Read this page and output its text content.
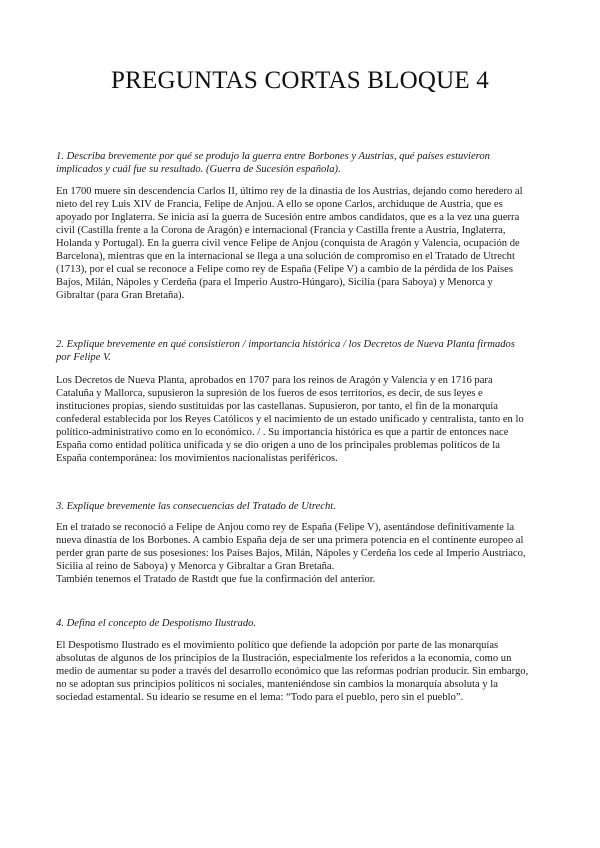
PREGUNTAS CORTAS BLOQUE 4

1. Describa brevemente por qué se produjo la guerra entre Borbones y Austrias, qué países estuvieron implicados y cuál fue su resultado. (Guerra de Sucesión española).

En 1700 muere sin descendencia Carlos II, último rey de la dinastía de los Austrias, dejando como heredero al nieto del rey Luis XIV de Francia, Felipe de Anjou. A ello se opone Carlos, archiduque de Austria, que es apoyado por Inglaterra. Se inicia así la guerra de Sucesión entre ambos candidatos, que es a la vez una guerra civil (Castilla frente a la Corona de Aragón) e internacional (Francia y Castilla frente a Austria, Inglaterra, Holanda y Portugal). En la guerra civil vence Felipe de Anjou (conquista de Aragón y Valencia, ocupación de Barcelona), mientras que en la internacional se llega a una solución de compromiso en el Tratado de Utrecht (1713), por el cual se reconoce a Felipe como rey de España (Felipe V) a cambio de la pérdida de los Países Bajos, Milán, Nápoles y Cerdeña (para el Imperio Austro-Húngaro), Sicilia (para Saboya) y Menorca y Gibraltar (para Gran Bretaña).

2. Explique brevemente en qué consistieron / importancia histórica / los Decretos de Nueva Planta firmados por Felipe V.

Los Decretos de Nueva Planta, aprobados en 1707 para los reinos de Aragón y Valencia y en 1716 para Cataluña y Mallorca, supusieron la supresión de los fueros de esos territorios, es decir, de sus leyes e instituciones propias, siendo sustituidas por las castellanas. Supusieron, por tanto, el fin de la monarquía confederal establecida por los Reyes Católicos y el nacimiento de un estado unificado y centralista, tanto en lo político-administrativo como en lo económico. / . Su importancia histórica es que a partir de entonces nace España como entidad política unificada y se dio origen a uno de los principales problemas políticos de la España contemporánea: los movimientos nacionalistas periféricos.

3. Explique brevemente las consecuencias del Tratado de Utrecht.

En el tratado se reconoció a Felipe de Anjou como rey de España (Felipe V), asentándose definitivamente la nueva dinastía de los Borbones. A cambio España deja de ser una primera potencia en el continente europeo al perder gran parte de sus posesiones: los Países Bajos, Milán, Nápoles y Cerdeña los cede al Imperio Austriaco, Sicilia al reino de Saboya) y Menorca y Gibraltar a Gran Bretaña.

También tenemos el Tratado de Rastdt que fue la confirmación del anterior.

4. Defina el concepto de Despotismo Ilustrado.

El Despotismo Ilustrado es el movimiento político que defiende la adopción por parte de las monarquías absolutas de algunos de los principios de la Ilustración, especialmente los referidos a la economía, como un medio de aumentar su poder a través del desarrollo económico que las reformas podrían producir. Sin embargo, no se adoptan sus principios políticos ni sociales, manteniéndose sin cambios la monarquía absoluta y la sociedad estamental. Su ideario se resume en el lema: “Todo para el pueblo, pero sin el pueblo”.
